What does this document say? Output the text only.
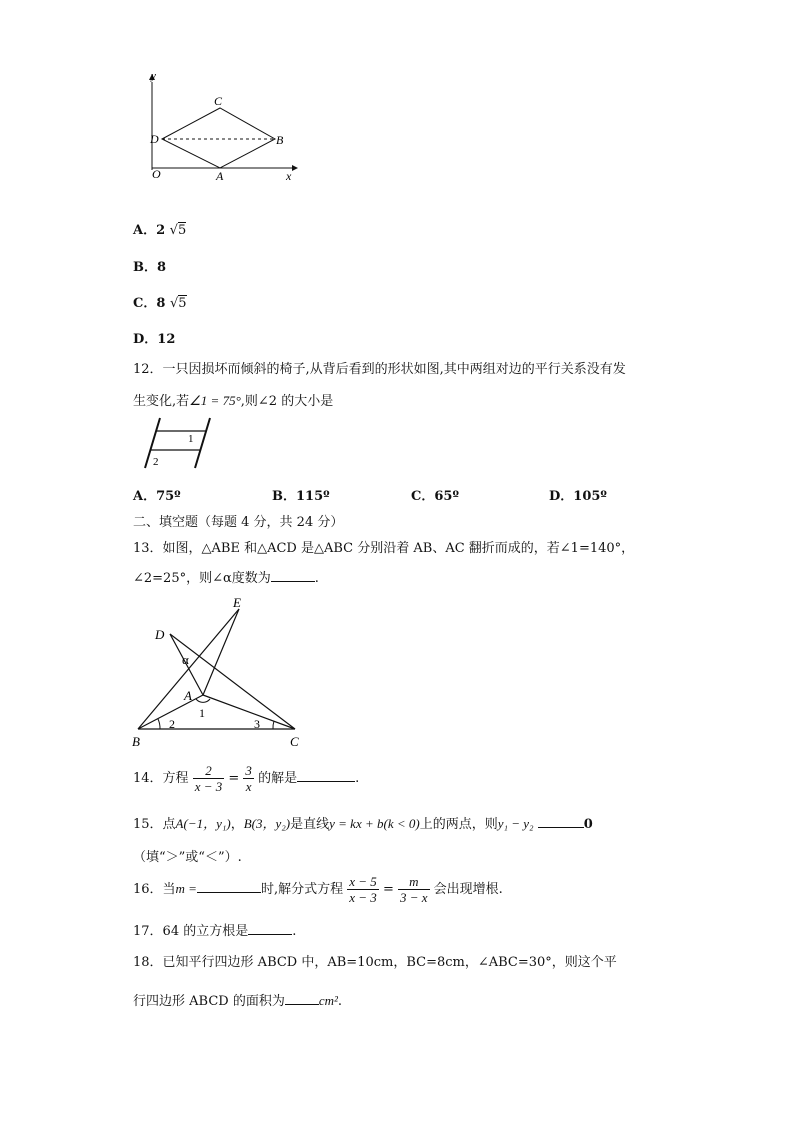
y
x
O	A
B
C
D
A．2 √5
B．8
C．8 √5
D．12
12．一只因损坏而倾斜的椅子,从背后看到的形状如图,其中两组对边的平行关系没有发
生变化,若∠1 = 75°,则∠2 的大小是
1
2
A．75º	B．115º	C．65º	D．105º
二、填空题（每题 4 分，共 24 分）
13．如图，△ABE 和△ACD 是△ABC 分别沿着 AB、AC 翻折而成的，若∠1=140°，
∠2=25°，则∠α度数为	.
E
D
α
A
1
2	3
B	C
14．方程 $\frac{2}{x - 3} = \frac{3}{x}$ 的解是	.
15．点A(−1，y₁)，B(3，y₂)是直线y = kx + b(k < 0)上的两点，则y₁ − y₂	0
（填“＞”或“＜”）.
16．当m =	时,解分式方程 $\frac{x - 5}{x - 3} = \frac{m}{3 - x}$ 会出现增根.
17．64 的立方根是	.
18．已知平行四边形 ABCD 中，AB=10cm，BC=8cm，∠ABC=30°，则这个平
行四边形 ABCD 的面积为	cm².
